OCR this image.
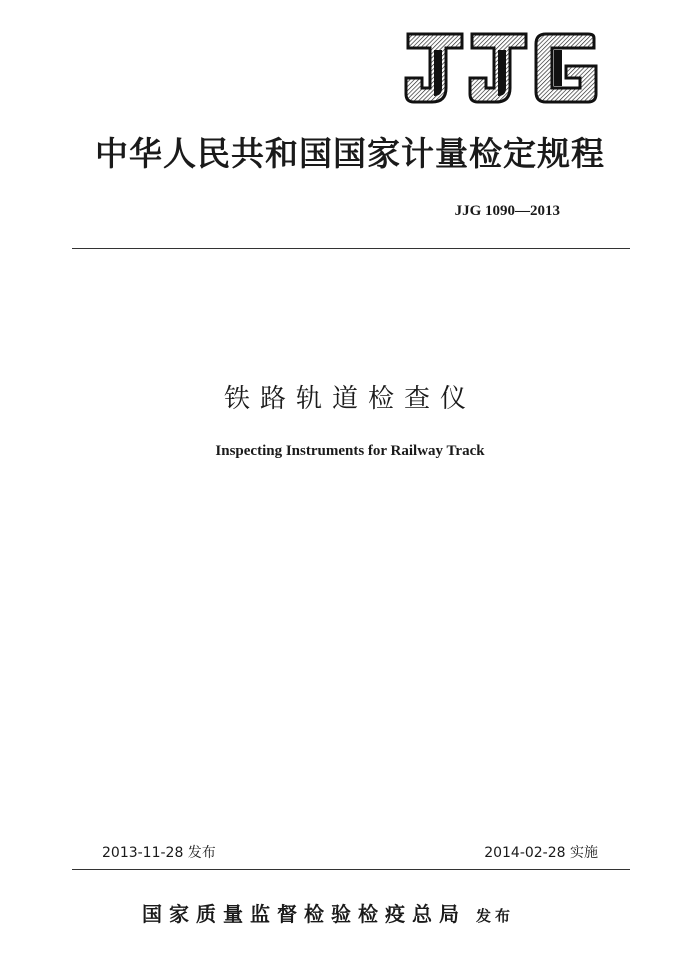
中华人民共和国国家计量检定规程
JJG 1090—2013
铁路轨道检查仪
Inspecting Instruments for Railway Track
2013-11-28 发布	2014-02-28 实施
国家质量监督检验检疫总局 发布
